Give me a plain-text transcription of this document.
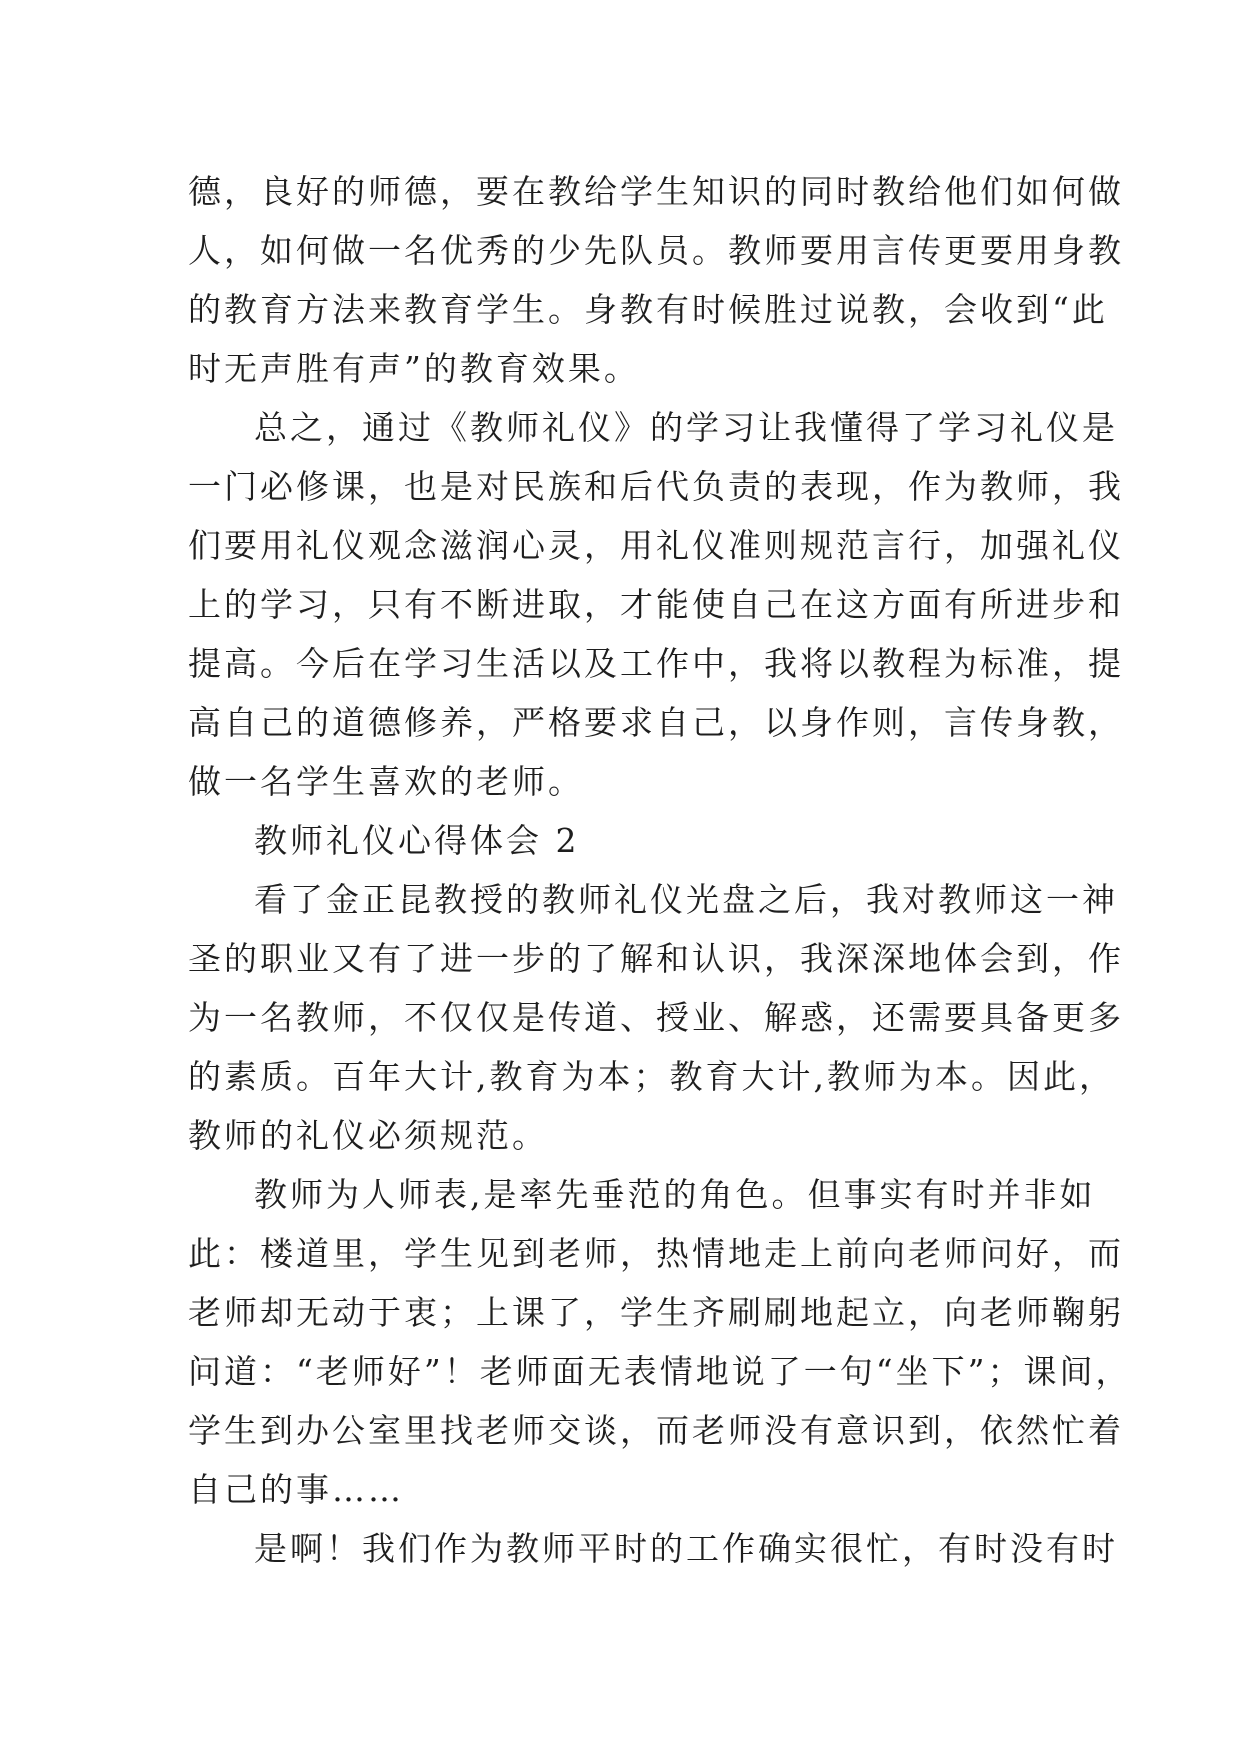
德，良好的师德，要在教给学生知识的同时教给他们如何做
人，如何做一名优秀的少先队员。教师要用言传更要用身教
的教育方法来教育学生。身教有时候胜过说教，会收到“此
时无声胜有声”的教育效果。
总之，通过《教师礼仪》的学习让我懂得了学习礼仪是
一门必修课，也是对民族和后代负责的表现，作为教师，我
们要用礼仪观念滋润心灵，用礼仪准则规范言行，加强礼仪
上的学习，只有不断进取，才能使自己在这方面有所进步和
提高。今后在学习生活以及工作中，我将以教程为标准，提
高自己的道德修养，严格要求自己，以身作则，言传身教，
做一名学生喜欢的老师。
教师礼仪心得体会 2
看了金正昆教授的教师礼仪光盘之后，我对教师这一神
圣的职业又有了进一步的了解和认识，我深深地体会到，作
为一名教师，不仅仅是传道、授业、解惑，还需要具备更多
的素质。百年大计,教育为本；教育大计,教师为本。因此，
教师的礼仪必须规范。
教师为人师表,是率先垂范的角色。但事实有时并非如
此：楼道里，学生见到老师，热情地走上前向老师问好，而
老师却无动于衷；上课了，学生齐刷刷地起立，向老师鞠躬
问道：“老师好”！老师面无表情地说了一句“坐下”；课间，
学生到办公室里找老师交谈，而老师没有意识到，依然忙着
自己的事……
是啊！我们作为教师平时的工作确实很忙，有时没有时
